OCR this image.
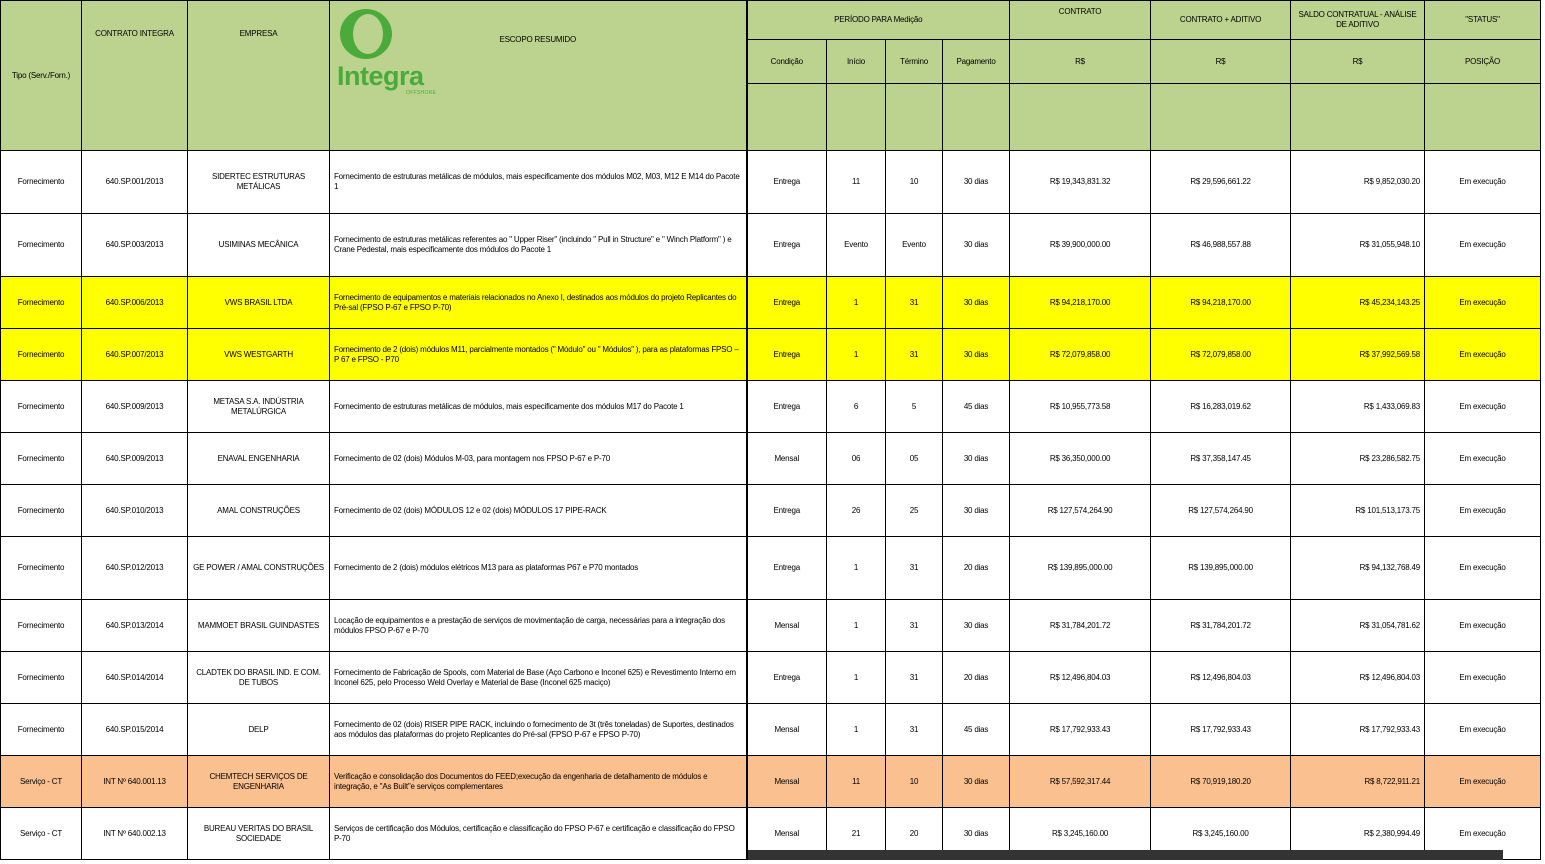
Tipo (Serv./Forn.)	CONTRATO INTEGRA	EMPRESA	ESCOPO RESUMIDO	PERÍODO PARA Medição				CONTRATO	CONTRATO + ADITIVO	SALDO CONTRATUAL - ANÁLISE DE ADITIVO	"STATUS"
				Condição	Início	Término	Pagamento	R$	R$	R$	POSIÇÃO

Fornecimento	640.SP.001/2013	SIDERTEC ESTRUTURAS METÁLICAS	Fornecimento de estruturas metálicas de módulos, mais especificamente dos módulos M02, M03, M12 E M14 do Pacote 1	Entrega	11	10	30 dias	R$ 19,343,831.32	R$ 29,596,661.22	R$ 9,852,030.20	Em execução
Fornecimento	640.SP.003/2013	USIMINAS MECÂNICA	Fornecimento de estruturas metálicas referentes ao " Upper Riser" (incluindo " Pull in Structure" e " Winch Platform" ) e Crane Pedestal, mais especificamente dos módulos do Pacote 1	Entrega	Evento	Evento	30 dias	R$ 39,900,000.00	R$ 46,988,557.88	R$ 31,055,948.10	Em execução
Fornecimento	640.SP.006/2013	VWS BRASIL LTDA	Fornecimento de equipamentos e materiais relacionados no Anexo I, destinados aos módulos do projeto Replicantes do Pré-sal (FPSO P-67 e FPSO P-70)	Entrega	1	31	30 dias	R$ 94,218,170.00	R$ 94,218,170.00	R$ 45,234,143.25	Em execução
Fornecimento	640.SP.007/2013	VWS WESTGARTH	Fornecimento de 2 (dois) módulos M11, parcialmente montados (" Módulo" ou " Módulos" ), para as plataformas FPSO – P 67 e FPSO - P70	Entrega	1	31	30 dias	R$ 72,079,858.00	R$ 72,079,858.00	R$ 37,992,569.58	Em execução
Fornecimento	640.SP.009/2013	METASA S.A. INDÚSTRIA METALÚRGICA	Fornecimento de estruturas metálicas de módulos, mais especificamente dos módulos M17 do Pacote 1	Entrega	6	5	45 dias	R$ 10,955,773.58	R$ 16,283,019.62	R$ 1,433,069.83	Em execução
Fornecimento	640.SP.009/2013	ENAVAL ENGENHARIA	Fornecimento de 02 (dois) Módulos M-03, para montagem nos FPSO P-67 e P-70	Mensal	06	05	30 dias	R$ 36,350,000.00	R$ 37,358,147.45	R$ 23,286,582.75	Em execução
Fornecimento	640.SP.010/2013	AMAL CONSTRUÇÕES	Fornecimento de 02 (dois) MÓDULOS 12 e 02 (dois) MÓDULOS 17 PIPE-RACK	Entrega	26	25	30 dias	R$ 127,574,264.90	R$ 127,574,264.90	R$ 101,513,173.75	Em execução
Fornecimento	640.SP.012/2013	GE POWER / AMAL CONSTRUÇÕES	Fornecimento de 2 (dois) módulos elétricos M13 para as plataformas P67 e P70 montados	Entrega	1	31	20 dias	R$ 139,895,000.00	R$ 139,895,000.00	R$ 94,132,768.49	Em execução
Fornecimento	640.SP.013/2014	MAMMOET BRASIL GUINDASTES	Locação de equipamentos e a prestação de serviços de movimentação de carga, necessárias para a integração dos módulos FPSO P-67 e P-70	Mensal	1	31	30 dias	R$ 31,784,201.72	R$ 31,784,201.72	R$ 31,054,781.62	Em execução
Fornecimento	640.SP.014/2014	CLADTEK DO BRASIL IND. E COM. DE TUBOS	Fornecimento de Fabricação de Spools, com Material de Base (Aço Carbono e Inconel 625) e Revestimento Interno em Inconel 625, pelo Processo Weld Overlay e Material de Base (Inconel 625 maciço)	Entrega	1	31	20 dias	R$ 12,496,804.03	R$ 12,496,804.03	R$ 12,496,804.03	Em execução
Fornecimento	640.SP.015/2014	DELP	Fornecimento de 02 (dois) RISER PIPE RACK, incluindo o fornecimento de 3t (três toneladas) de Suportes, destinados aos módulos das plataformas do projeto Replicantes do Pré-sal (FPSO P-67 e FPSO P-70)	Mensal	1	31	45 dias	R$ 17,792,933.43	R$ 17,792,933.43	R$ 17,792,933.43	Em execução
Serviço - CT	INT Nº 640.001.13	CHEMTECH SERVIÇOS DE ENGENHARIA	Verificação e consolidação dos Documentos do FEED;execução da engenharia de detalhamento de módulos e integração, e "As Built"e serviços complementares	Mensal	11	10	30 dias	R$ 57,592,317.44	R$ 70,919,180.20	R$ 8,722,911.21	Em execução
Serviço - CT	INT Nº 640.002.13	BUREAU VERITAS DO BRASIL SOCIEDADE	Serviços de certificação dos Módulos, certificação e classificação do FPSO P-67 e certificação e classificação do FPSO P-70	Mensal	21	20	30 dias	R$ 3,245,160.00	R$ 3,245,160.00	R$ 2,380,994.49	Em execução
Integra
OFFSHORE
